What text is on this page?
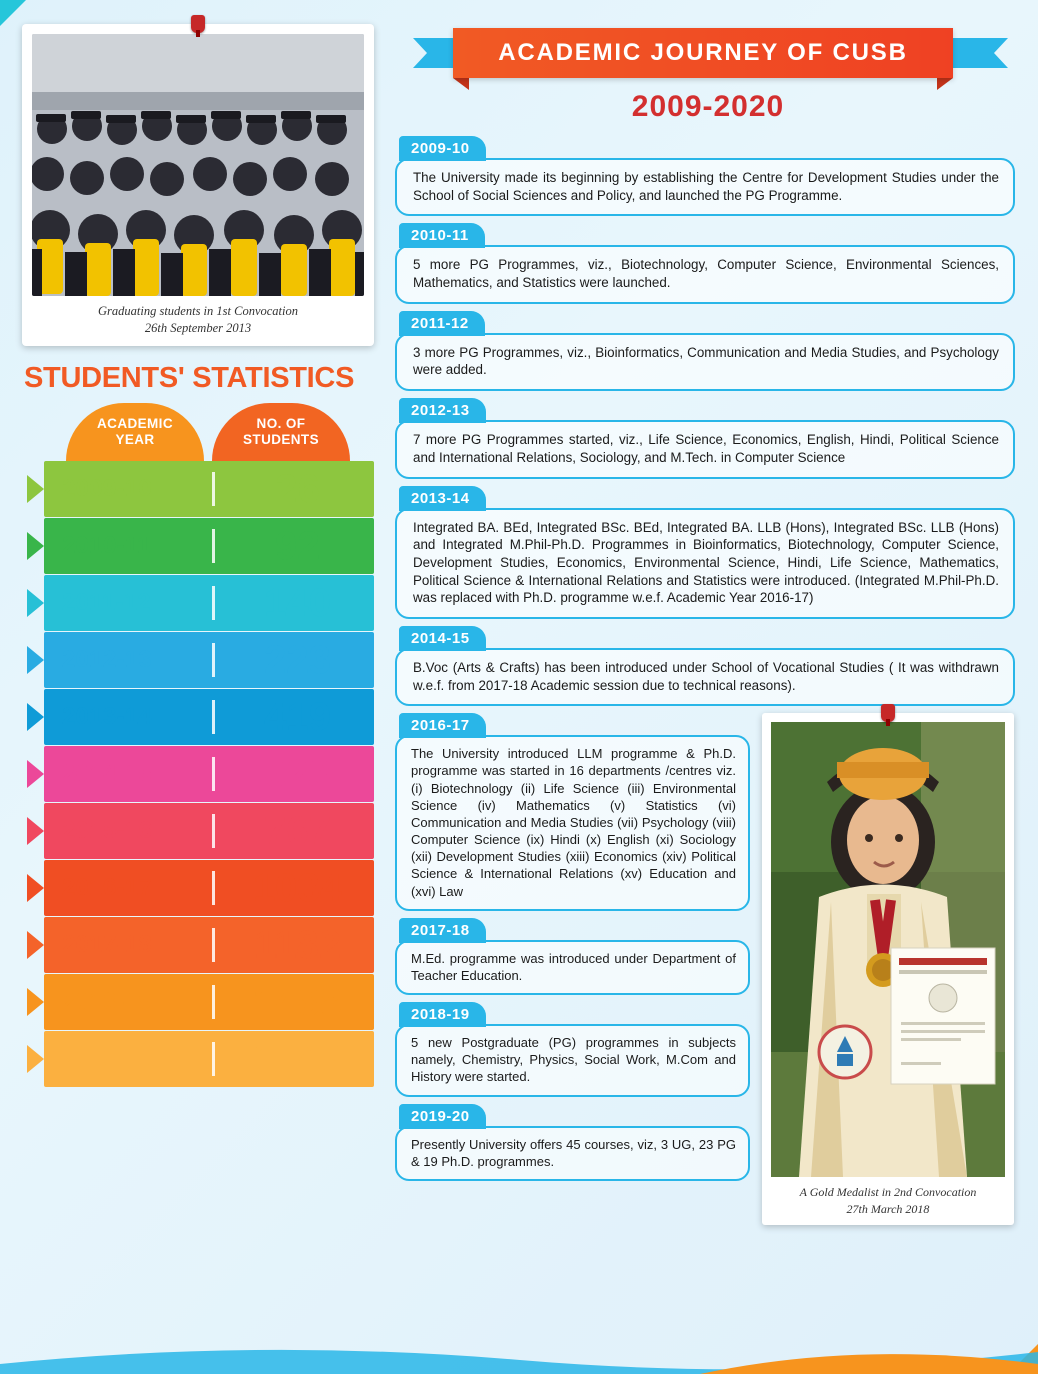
Graduating students in 1st Convocation
26th September 2013
STUDENTS' STATISTICS
ACADEMIC
YEAR
NO. OF
STUDENTS
2009-10	26
2010-11	92
2011-12	140
2012-13	223
2013-14	419
2014-15	623
2015-16	767
2016-17	1034
2017-18	1182
2018-19	1488
2019-20	2046
ACADEMIC JOURNEY OF CUSB
2009-2020
2009-10
The University made its beginning by establishing the Centre for Development Studies under the School of Social Sciences and Policy, and launched the PG Programme.
2010-11
5 more PG Programmes, viz., Biotechnology, Computer Science, Environmental Sciences, Mathematics, and Statistics were launched.
2011-12
3 more PG Programmes, viz., Bioinformatics, Communication and Media Studies, and Psychology were added.
2012-13
7 more PG Programmes started, viz., Life Science, Economics, English, Hindi, Political Science and International Relations, Sociology, and M.Tech. in Computer Science
2013-14
Integrated BA. BEd, Integrated BSc. BEd, Integrated BA. LLB (Hons), Integrated BSc. LLB (Hons) and Integrated M.Phil-Ph.D. Programmes in Bioinformatics, Biotechnology, Computer Science, Development Studies, Economics, Environmental Science, Hindi, Life Science, Mathematics, Political Science & International Relations and Statistics were introduced. (Integrated M.Phil-Ph.D. was replaced with Ph.D. programme w.e.f. Academic Year 2016-17)
2014-15
B.Voc (Arts & Crafts) has been introduced under School of Vocational Studies ( It was withdrawn w.e.f. from 2017-18 Academic session due to technical reasons).
2016-17
The University introduced LLM programme & Ph.D. programme was started in 16 departments /centres viz. (i) Biotechnology (ii) Life Science (iii) Environmental Science (iv) Mathematics (v) Statistics (vi) Communication and Media Studies (vii) Psychology (viii) Computer Science (ix) Hindi (x) English (xi) Sociology (xii) Development Studies (xiii) Economics (xiv) Political Science & International Relations (xv) Education and (xvi) Law
2017-18
M.Ed. programme was introduced under Department of Teacher Education.
2018-19
5 new Postgraduate (PG) programmes in subjects namely, Chemistry, Physics, Social Work, M.Com and History were started.
2019-20
Presently University offers 45 courses, viz, 3 UG, 23 PG & 19 Ph.D. programmes.
A Gold Medalist in 2nd Convocation
27th March 2018
